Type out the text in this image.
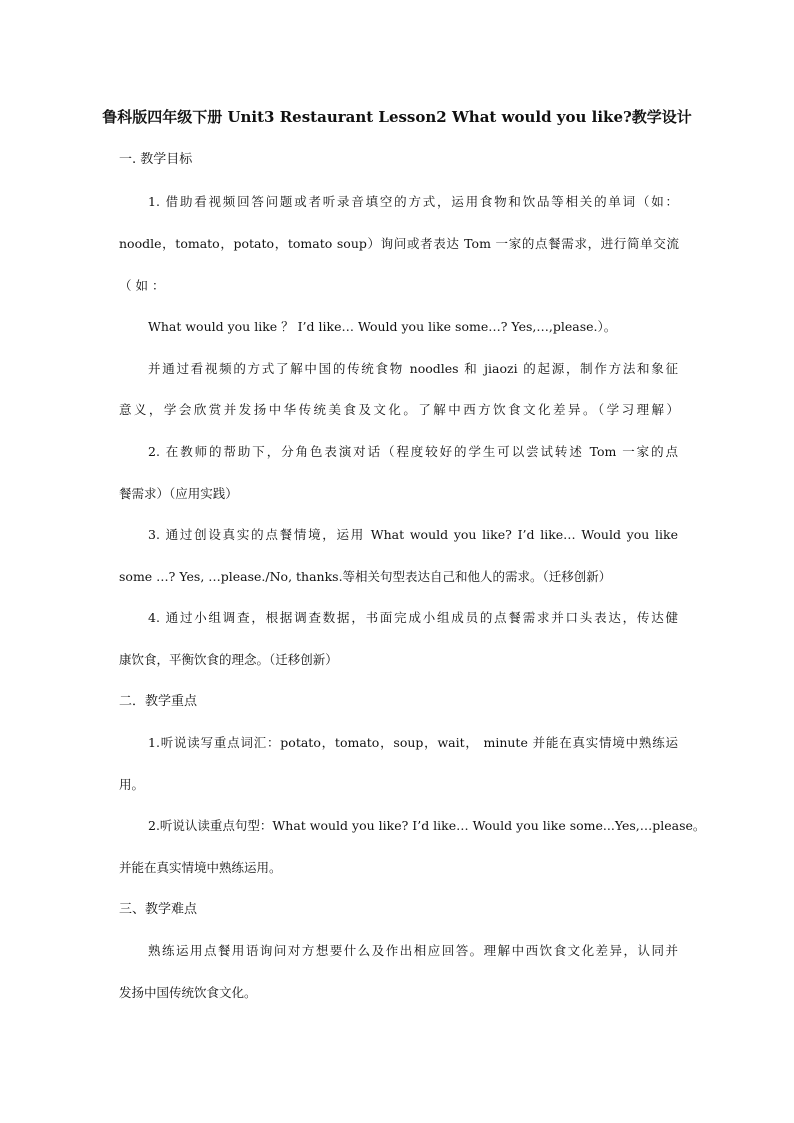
鲁科版四年级下册 Unit3 Restaurant Lesson2 What would you like?教学设计
一. 教学目标
1. 借助看视频回答问题或者听录音填空的方式，运用食物和饮品等相关的单词（如：
noodle，tomato，potato，tomato soup）询问或者表达 Tom 一家的点餐需求，进行简单交流
（ 如 ：
What would you like ？ I’d like… Would you like some…? Yes,…,please.）。
并通过看视频的方式了解中国的传统食物 noodles 和 jiaozi 的起源，制作方法和象征
意义，学会欣赏并发扬中华传统美食及文化。了解中西方饮食文化差异。（学习理解）
2. 在教师的帮助下，分角色表演对话（程度较好的学生可以尝试转述 Tom 一家的点
餐需求）（应用实践）
3. 通过创设真实的点餐情境，运用 What would you like? I’d like… Would you like
some …? Yes, …please./No, thanks.等相关句型表达自己和他人的需求。（迁移创新）
4. 通过小组调查，根据调查数据，书面完成小组成员的点餐需求并口头表达，传达健
康饮食，平衡饮食的理念。（迁移创新）
二．教学重点
1.听说读写重点词汇：potato，tomato，soup，wait， minute 并能在真实情境中熟练运
用。
2.听说认读重点句型：What would you like? I’d like… Would you like some...Yes,…please。
并能在真实情境中熟练运用。
三、教学难点
熟练运用点餐用语询问对方想要什么及作出相应回答。理解中西饮食文化差异，认同并
发扬中国传统饮食文化。
